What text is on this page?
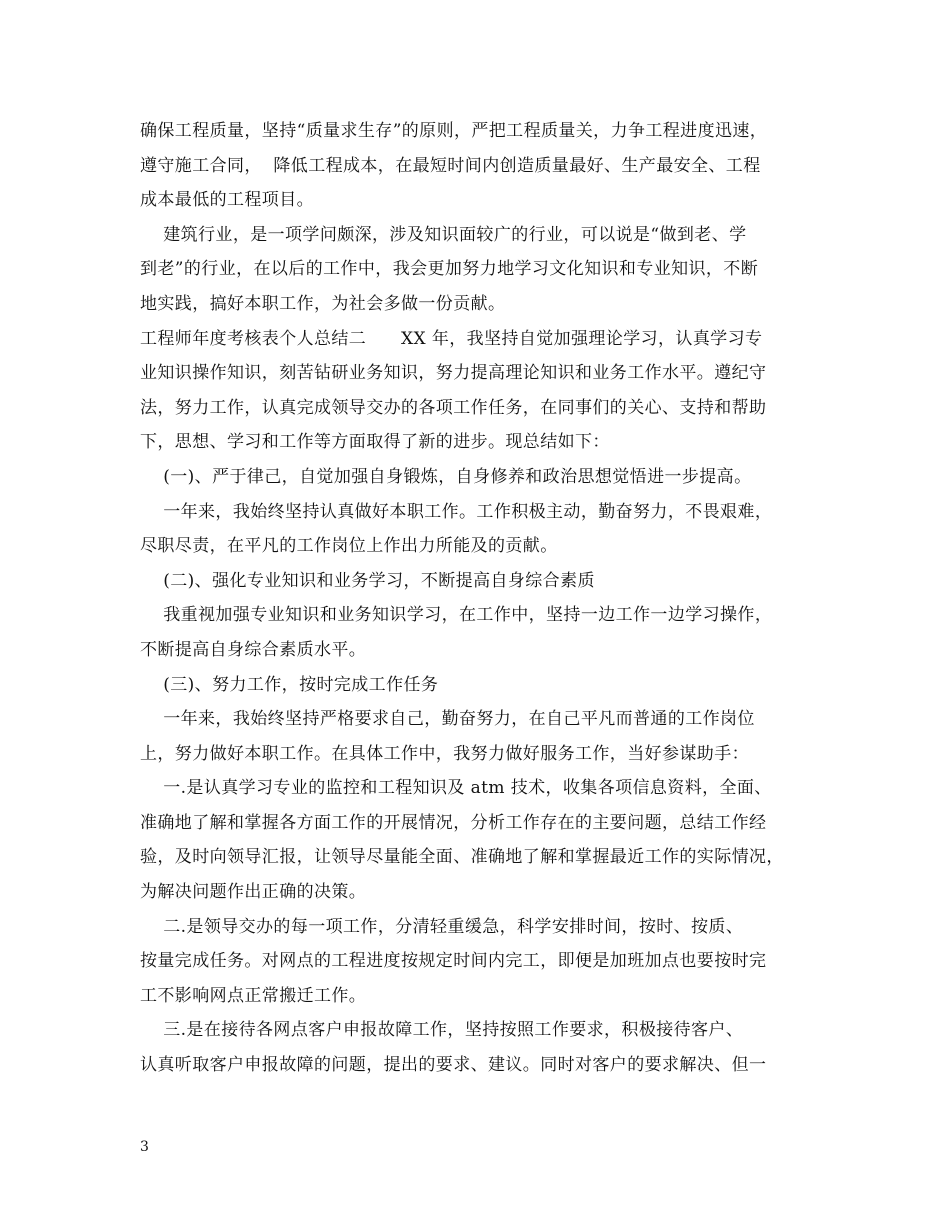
确保工程质量，坚持“质量求生存”的原则，严把工程质量关，力争工程进度迅速，
遵守施工合同，  降低工程成本，在最短时间内创造质量最好、生产最安全、工程
成本最低的工程项目。
建筑行业，是一项学问颇深，涉及知识面较广的行业，可以说是“做到老、学
到老”的行业，在以后的工作中，我会更加努力地学习文化知识和专业知识，不断
地实践，搞好本职工作，为社会多做一份贡献。
工程师年度考核表个人总结二      XX 年，我坚持自觉加强理论学习，认真学习专
业知识操作知识，刻苦钻研业务知识，努力提高理论知识和业务工作水平。遵纪守
法，努力工作，认真完成领导交办的各项工作任务，在同事们的关心、支持和帮助
下，思想、学习和工作等方面取得了新的进步。现总结如下：
(一)、严于律己，自觉加强自身锻炼，自身修养和政治思想觉悟进一步提高。
一年来，我始终坚持认真做好本职工作。工作积极主动，勤奋努力，不畏艰难，
尽职尽责，在平凡的工作岗位上作出力所能及的贡献。
(二)、强化专业知识和业务学习，不断提高自身综合素质
我重视加强专业知识和业务知识学习，在工作中，坚持一边工作一边学习操作，
不断提高自身综合素质水平。
(三)、努力工作，按时完成工作任务
一年来，我始终坚持严格要求自己，勤奋努力，在自己平凡而普通的工作岗位
上，努力做好本职工作。在具体工作中，我努力做好服务工作，当好参谋助手：
一.是认真学习专业的监控和工程知识及 atm 技术，收集各项信息资料，全面、
准确地了解和掌握各方面工作的开展情况，分析工作存在的主要问题，总结工作经
验，及时向领导汇报，让领导尽量能全面、准确地了解和掌握最近工作的实际情况，
为解决问题作出正确的决策。
二.是领导交办的每一项工作，分清轻重缓急，科学安排时间，按时、按质、
按量完成任务。对网点的工程进度按规定时间内完工，即便是加班加点也要按时完
工不影响网点正常搬迁工作。
三.是在接待各网点客户申报故障工作，坚持按照工作要求，积极接待客户、
认真听取客户申报故障的问题，提出的要求、建议。同时对客户的要求解决、但一
3
